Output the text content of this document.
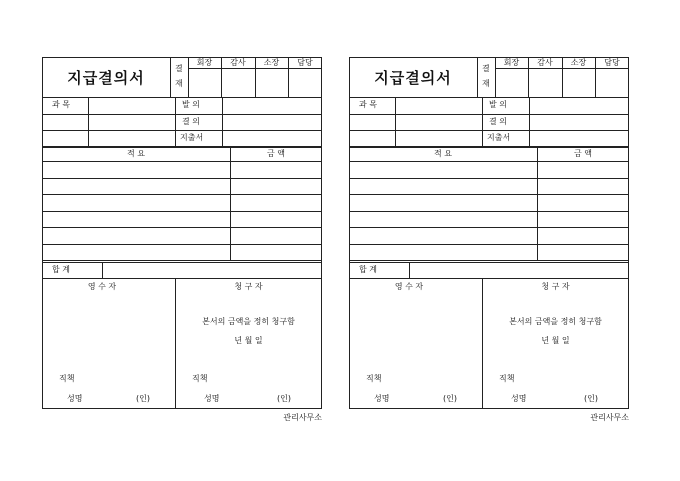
지급결의서	결
재
회장	감사	소장	담당
과 목	발 의
결 의
지출서
적 요	금 액
합 계
영 수 자	청 구 자
본서의 금액을 정히 청구함
년 월 일
직책	직책
성명	(인)	성명	(인)
관리사무소
지급결의서	결
재
회장	감사	소장	담당
과 목	발 의
결 의
지출서
적 요	금 액
합 계
영 수 자	청 구 자
본서의 금액을 정히 청구함
년 월 일
직책	직책
성명	(인)	성명	(인)
관리사무소
